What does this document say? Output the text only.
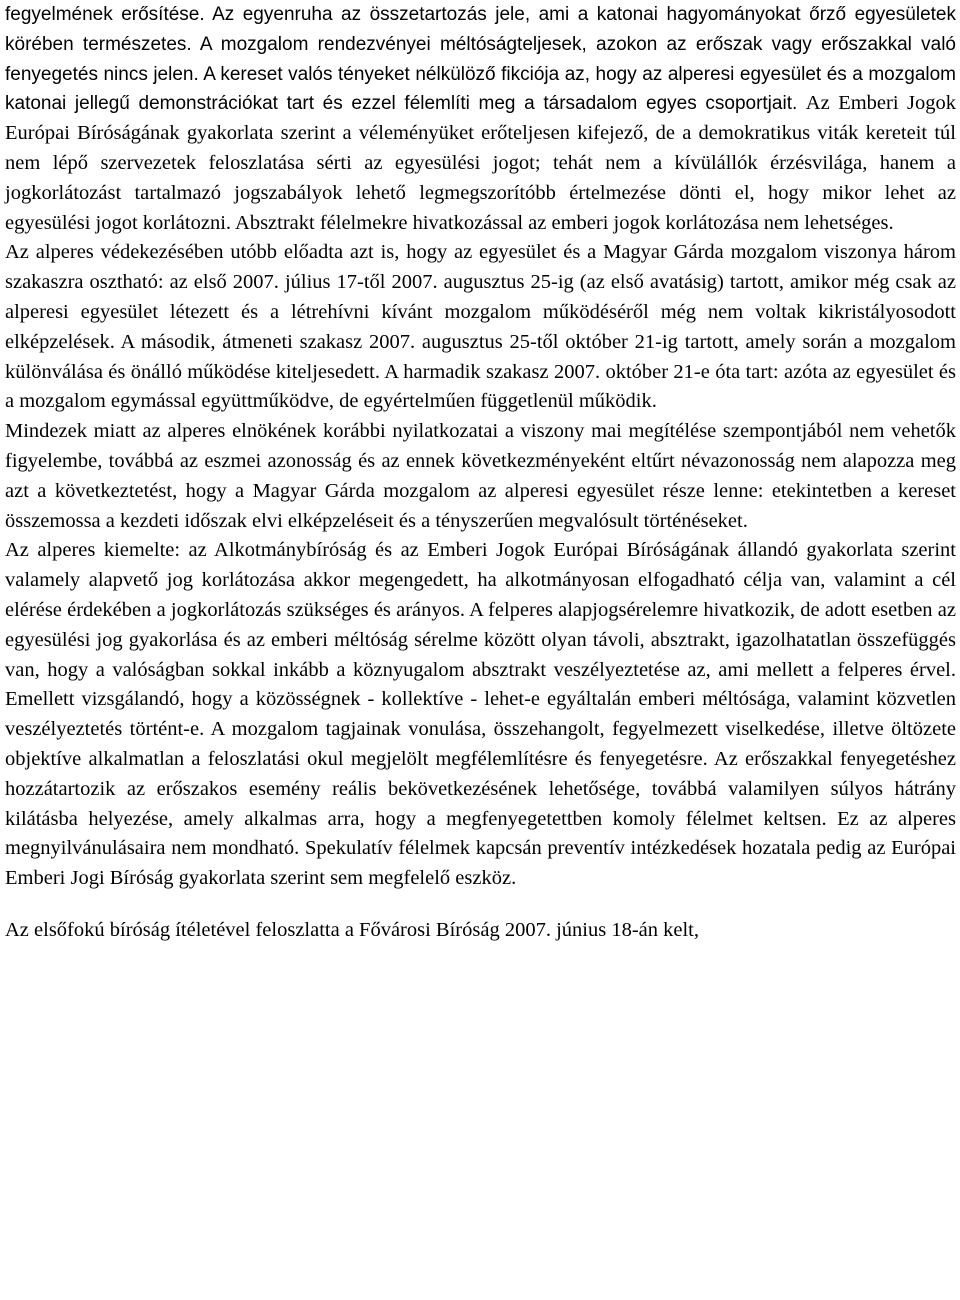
fegyelmének erősítése. Az egyenruha az összetartozás jele, ami a katonai hagyományokat őrző egyesületek körében természetes. A mozgalom rendezvényei méltóságteljesek, azokon az erőszak vagy erőszakkal való fenyegetés nincs jelen. A kereset valós tényeket nélkülöző fikciója az, hogy az alperesi egyesület és a mozgalom katonai jellegű demonstrációkat tart és ezzel félemlíti meg a társadalom egyes csoportjait. Az Emberi Jogok Európai Bíróságának gyakorlata szerint a véleményüket erőteljesen kifejező, de a demokratikus viták kereteit túl nem lépő szervezetek feloszlatása sérti az egyesülési jogot; tehát nem a kívülállók érzésvilága, hanem a jogkorlátozást tartalmazó jogszabályok lehető legmegszorítóbb értelmezése dönti el, hogy mikor lehet az egyesülési jogot korlátozni. Absztrakt félelmekre hivatkozással az emberi jogok korlátozása nem lehetséges.

Az alperes védekezésében utóbb előadta azt is, hogy az egyesület és a Magyar Gárda mozgalom viszonya három szakaszra osztható: az első 2007. július 17-től 2007. augusztus 25-ig (az első avatásig) tartott, amikor még csak az alperesi egyesület létezett és a létrehívni kívánt mozgalom működéséről még nem voltak kikristályosodott elképzelések. A második, átmeneti szakasz 2007. augusztus 25-től október 21-ig tartott, amely során a mozgalom különválása és önálló működése kiteljesedett. A harmadik szakasz 2007. október 21-e óta tart: azóta az egyesület és a mozgalom egymással együttműködve, de egyértelműen függetlenül működik.

Mindezek miatt az alperes elnökének korábbi nyilatkozatai a viszony mai megítélése szempontjából nem vehetők figyelembe, továbbá az eszmei azonosság és az ennek következményeként eltűrt névazonosság nem alapozza meg azt a következtetést, hogy a Magyar Gárda mozgalom az alperesi egyesület része lenne: etekintetben a kereset összemossa a kezdeti időszak elvi elképzeléseit és a tényszerűen megvalósult történéseket.

Az alperes kiemelte: az Alkotmánybíróság és az Emberi Jogok Európai Bíróságának állandó gyakorlata szerint valamely alapvető jog korlátozása akkor megengedett, ha alkotmányosan elfogadható célja van, valamint a cél elérése érdekében a jogkorlátozás szükséges és arányos. A felperes alapjogsérelemre hivatkozik, de adott esetben az egyesülési jog gyakorlása és az emberi méltóság sérelme között olyan távoli, absztrakt, igazolhatatlan összefüggés van, hogy a valóságban sokkal inkább a köznyugalom absztrakt veszélyeztetése az, ami mellett a felperes érvel. Emellett vizsgálandó, hogy a közösségnek - kollektíve - lehet-e egyáltalán emberi méltósága, valamint közvetlen veszélyeztetés történt-e. A mozgalom tagjainak vonulása, összehangolt, fegyelmezett viselkedése, illetve öltözete objektíve alkalmatlan a feloszlatási okul megjelölt megfélemlítésre és fenyegetésre. Az erőszakkal fenyegetéshez hozzátartozik az erőszakos esemény reális bekövetkezésének lehetősége, továbbá valamilyen súlyos hátrány kilátásba helyezése, amely alkalmas arra, hogy a megfenyegetettben komoly félelmet keltsen. Ez az alperes megnyilvánulásaira nem mondható. Spekulatív félelmek kapcsán preventív intézkedések hozatala pedig az Európai Emberi Jogi Bíróság gyakorlata szerint sem megfelelő eszköz.

Az elsőfokú bíróság ítéletével feloszlatta a Fővárosi Bíróság 2007. június 18-án kelt,
